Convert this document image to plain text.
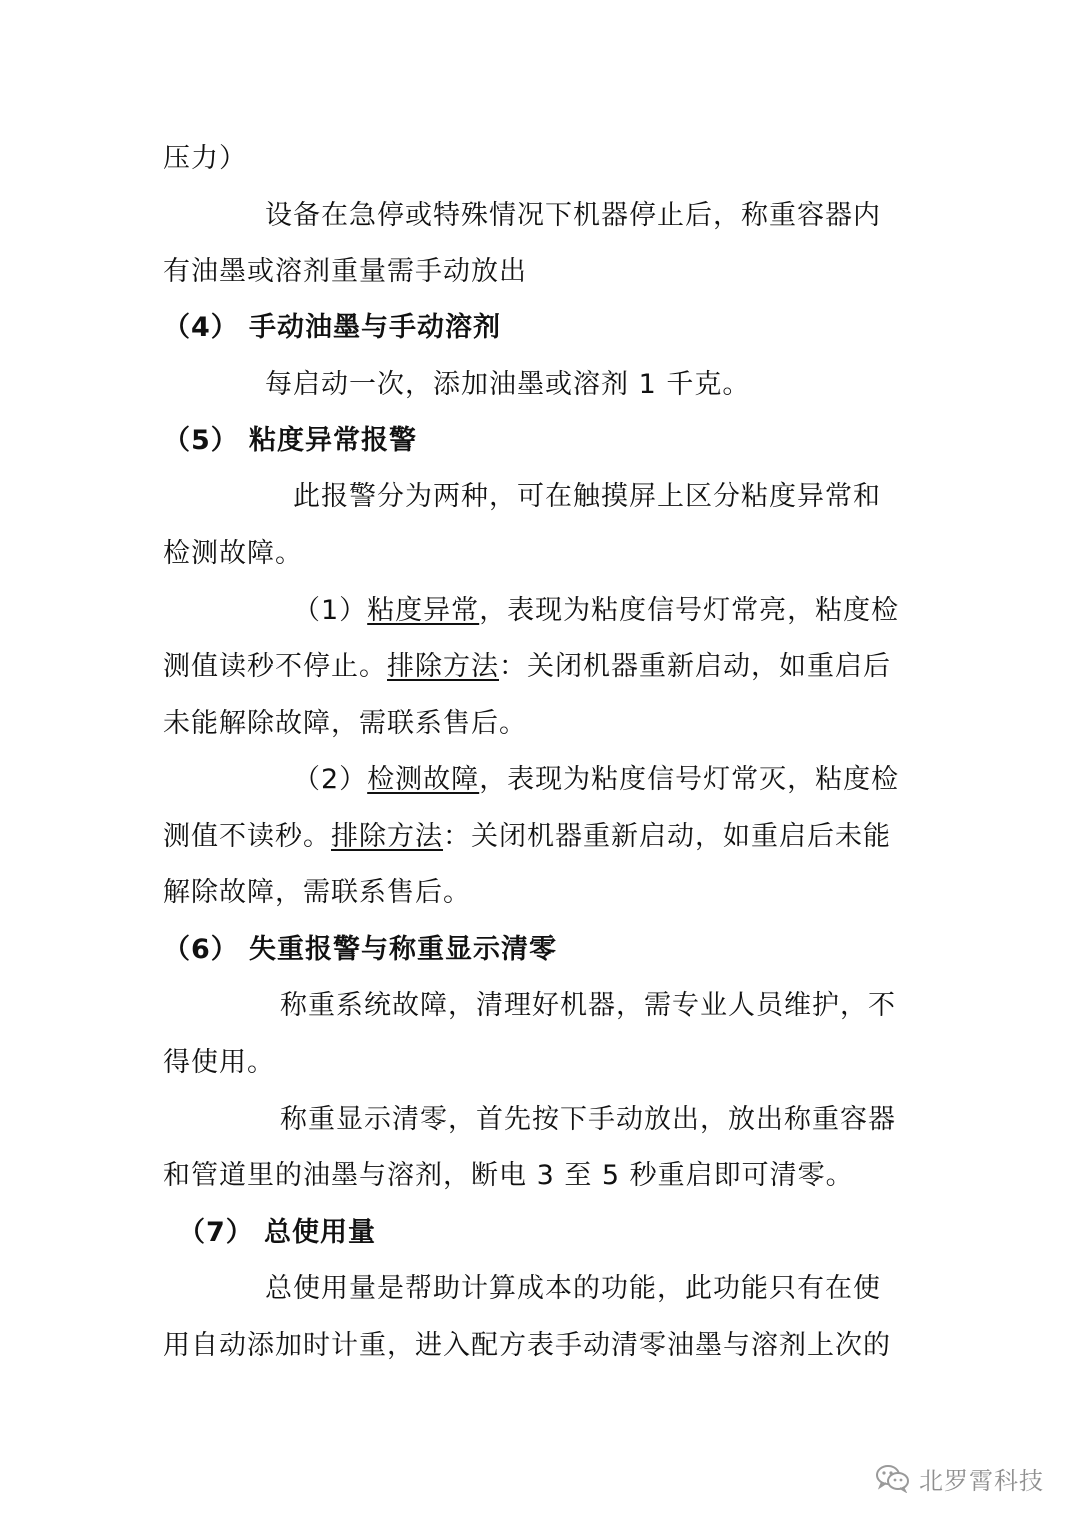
压力）
设备在急停或特殊情况下机器停止后，称重容器内
有油墨或溶剂重量需手动放出
（4） 手动油墨与手动溶剂
每启动一次，添加油墨或溶剂 1 千克。
（5） 粘度异常报警
此报警分为两种，可在触摸屏上区分粘度异常和
检测故障。
（1）粘度异常，表现为粘度信号灯常亮，粘度检
测值读秒不停止。排除方法：关闭机器重新启动，如重启后
未能解除故障，需联系售后。
（2）检测故障，表现为粘度信号灯常灭，粘度检
测值不读秒。排除方法：关闭机器重新启动，如重启后未能
解除故障，需联系售后。
（6） 失重报警与称重显示清零
称重系统故障，清理好机器，需专业人员维护，不
得使用。
称重显示清零，首先按下手动放出，放出称重容器
和管道里的油墨与溶剂，断电 3 至 5 秒重启即可清零。
（7） 总使用量
总使用量是帮助计算成本的功能，此功能只有在使
用自动添加时计重，进入配方表手动清零油墨与溶剂上次的
北罗霄科技
